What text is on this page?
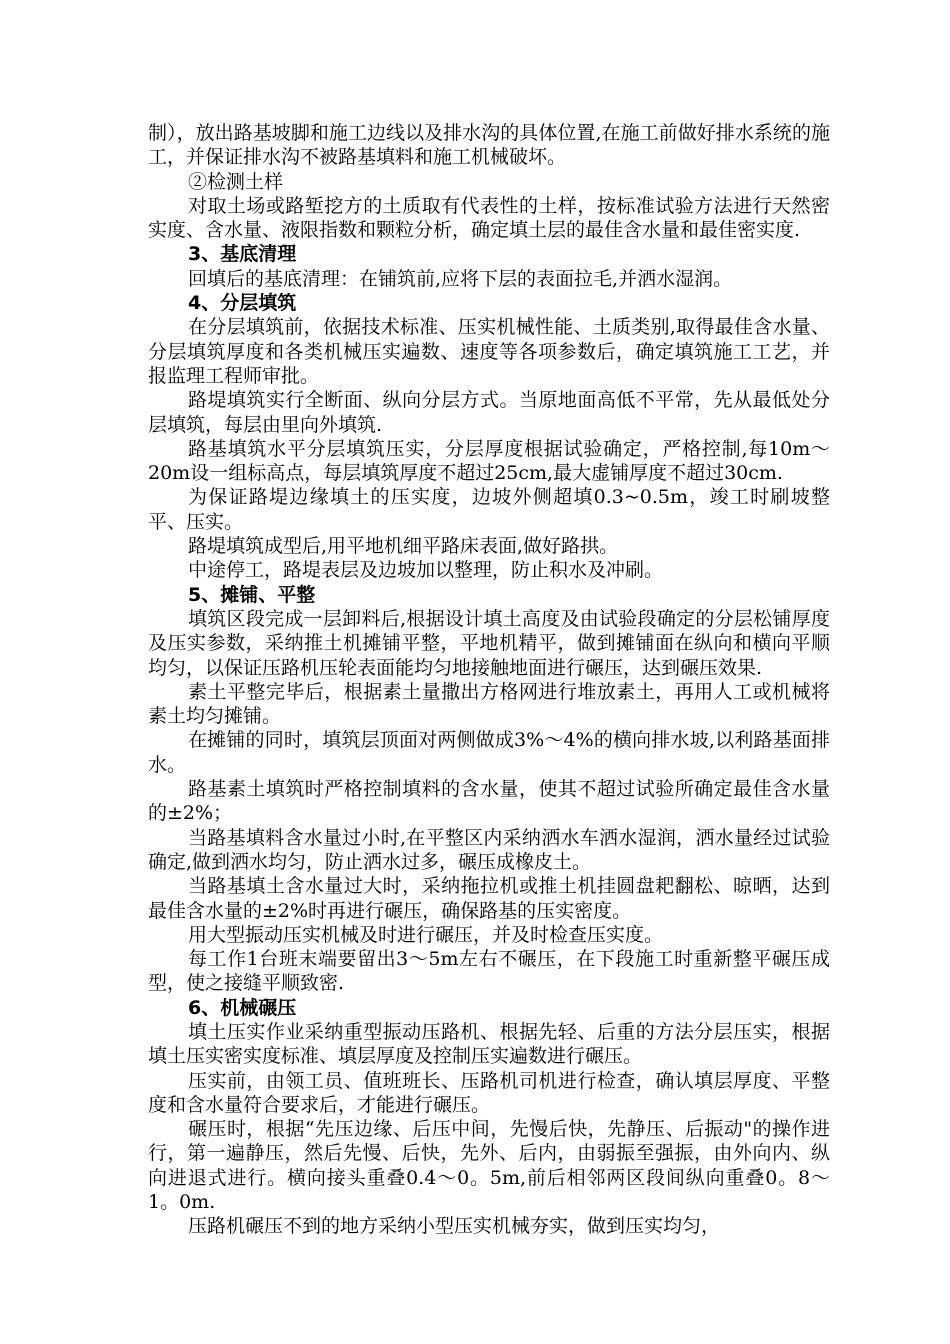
制），放出路基坡脚和施工边线以及排水沟的具体位置,在施工前做好排水系统的施工，并保证排水沟不被路基填料和施工机械破坏。

②检测土样

对取土场或路堑挖方的土质取有代表性的土样，按标准试验方法进行天然密实度、含水量、液限指数和颗粒分析，确定填土层的最佳含水量和最佳密实度.

3、基底清理

回填后的基底清理：在铺筑前,应将下层的表面拉毛,并洒水湿润。

4、分层填筑

在分层填筑前，依据技术标准、压实机械性能、土质类别,取得最佳含水量、分层填筑厚度和各类机械压实遍数、速度等各项参数后，确定填筑施工工艺，并报监理工程师审批。

路堤填筑实行全断面、纵向分层方式。当原地面高低不平常，先从最低处分层填筑，每层由里向外填筑.

路基填筑水平分层填筑压实，分层厚度根据试验确定，严格控制,每10m～20m设一组标高点，每层填筑厚度不超过25cm,最大虚铺厚度不超过30cm.

为保证路堤边缘填土的压实度，边坡外侧超填0.3~0.5m，竣工时刷坡整平、压实。

路堤填筑成型后,用平地机细平路床表面,做好路拱。

中途停工，路堤表层及边坡加以整理，防止积水及冲刷。

5、摊铺、平整

填筑区段完成一层卸料后,根据设计填土高度及由试验段确定的分层松铺厚度及压实参数，采纳推土机摊铺平整，平地机精平，做到摊铺面在纵向和横向平顺均匀，以保证压路机压轮表面能均匀地接触地面进行碾压，达到碾压效果.

素土平整完毕后，根据素土量撒出方格网进行堆放素土，再用人工或机械将素土均匀摊铺。

在摊铺的同时，填筑层顶面对两侧做成3%～4%的横向排水坡,以利路基面排水。

路基素土填筑时严格控制填料的含水量，使其不超过试验所确定最佳含水量的±2%；

当路基填料含水量过小时,在平整区内采纳洒水车洒水湿润，洒水量经过试验确定,做到洒水均匀，防止洒水过多，碾压成橡皮土。

当路基填土含水量过大时，采纳拖拉机或推土机挂圆盘耙翻松、晾晒，达到最佳含水量的±2%时再进行碾压，确保路基的压实密度。

用大型振动压实机械及时进行碾压，并及时检查压实度。

每工作1台班末端要留出3～5m左右不碾压，在下段施工时重新整平碾压成型，使之接缝平顺致密.

6、机械碾压

填土压实作业采纳重型振动压路机、根据先轻、后重的方法分层压实，根据填土压实密实度标准、填层厚度及控制压实遍数进行碾压。

压实前，由领工员、值班班长、压路机司机进行检查，确认填层厚度、平整度和含水量符合要求后，才能进行碾压。

碾压时，根据“先压边缘、后压中间，先慢后快，先静压、后振动"的操作进行，第一遍静压，然后先慢、后快，先外、后内，由弱振至强振，由外向内、纵向进退式进行。横向接头重叠0.4～0。5m,前后相邻两区段间纵向重叠0。8～1。0m.

压路机碾压不到的地方采纳小型压实机械夯实，做到压实均匀，
